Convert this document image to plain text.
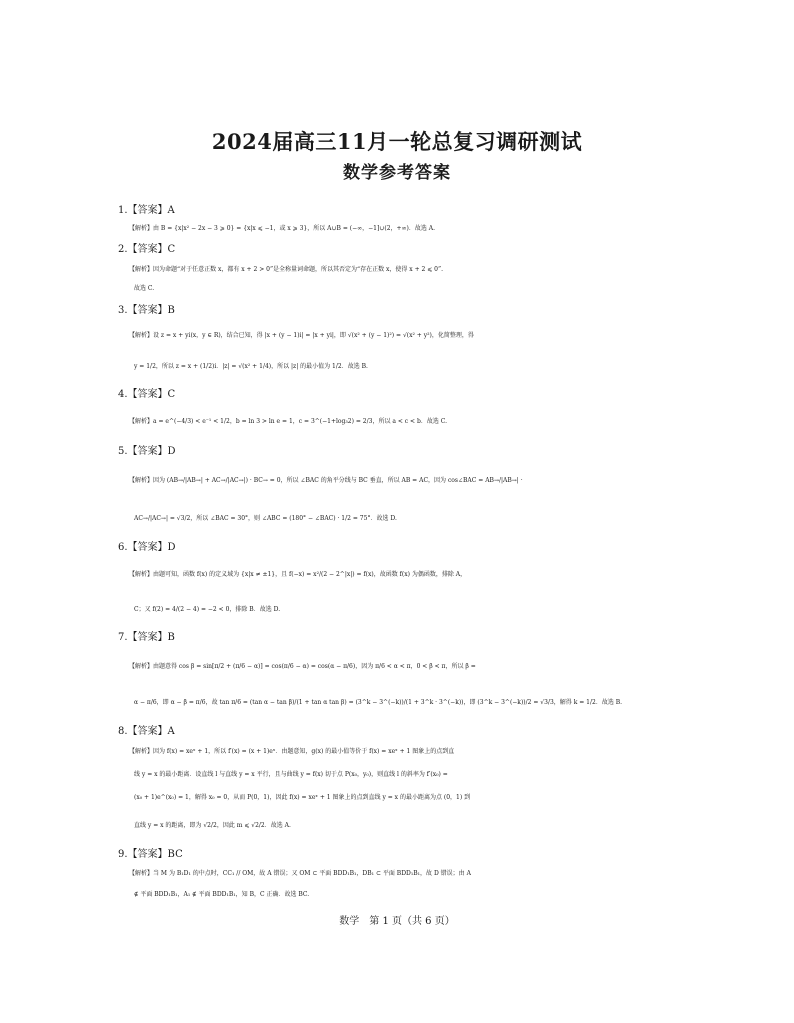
2024届高三11月一轮总复习调研测试
数学参考答案
1.【答案】A
【解析】由 B = {x|x² − 2x − 3 ⩾ 0} = {x|x ⩽ −1，或 x ⩾ 3}，所以 A∪B = (−∞，−1]∪(2，+∞)．故选 A.
2.【答案】C
【解析】因为命题“对于任意正数 x，都有 x + 2 > 0”是全称量词命题，所以其否定为“存在正数 x，使得 x + 2 ⩽ 0”.
故选 C.
3.【答案】B
【解析】设 z = x + yi(x，y ∈ R)，结合已知，得 |x + (y − 1)i| = |x + yi|，即 √(x² + (y − 1)²) = √(x² + y²)，化简整理，得
y = 1/2，所以 z = x + (1/2)i．|z| = √(x² + 1/4)，所以 |z| 的最小值为 1/2．故选 B.
4.【答案】C
【解析】a = e^(−4/3) < e⁻¹ < 1/2，b = ln 3 > ln e = 1，c = 3^(−1+log₃2) = 2/3，所以 a < c < b．故选 C.
5.【答案】D
【解析】因为 (AB→/|AB→| + AC→/|AC→|) · BC→ = 0，所以 ∠BAC 的角平分线与 BC 垂直，所以 AB = AC，因为 cos∠BAC = AB→/|AB→| ·
AC→/|AC→| = √3/2，所以 ∠BAC = 30°，则 ∠ABC = (180° − ∠BAC) · 1/2 = 75°．故选 D.
6.【答案】D
【解析】由题可知，函数 f(x) 的定义域为 {x|x ≠ ±1}，且 f(−x) = x²/(2 − 2^|x|) = f(x)，故函数 f(x) 为偶函数，排除 A，
C；又 f(2) = 4/(2 − 4) = −2 < 0，排除 B．故选 D.
7.【答案】B
【解析】由题意得 cos β = sin[π/2 + (π/6 − α)] = cos(π/6 − α) = cos(α − π/6)，因为 π/6 < α < π，0 < β < π，所以 β =
α − π/6，即 α − β = π/6，故 tan π/6 = (tan α − tan β)/(1 + tan α tan β) = (3^k − 3^(−k))/(1 + 3^k · 3^(−k))，即 (3^k − 3^(−k))/2 = √3/3，解得 k = 1/2．故选 B.
8.【答案】A
【解析】因为 f(x) = xeˣ + 1，所以 f′(x) = (x + 1)eˣ．由题意知，g(x) 的最小值等价于 f(x) = xeˣ + 1 图象上的点到直
线 y = x 的最小距离．设直线 l 与直线 y = x 平行，且与曲线 y = f(x) 切于点 P(x₀，y₀)，则直线 l 的斜率为 f′(x₀) =
(x₀ + 1)e^(x₀) = 1，解得 x₀ = 0，从而 P(0，1)，因此 f(x) = xeˣ + 1 图象上的点到直线 y = x 的最小距离为点 (0，1) 到
直线 y = x 的距离，即为 √2/2，因此 m ⩽ √2/2．故选 A.
9.【答案】BC
【解析】当 M 为 B₁D₁ 的中点时，CC₁ // OM，故 A 错误；又 OM ⊂ 平面 BDD₁B₁，DB₁ ⊂ 平面 BDD₁B₁，故 D 错误；由 A
∉ 平面 BDD₁B₁，A₁ ∉ 平面 BDD₁B₁，知 B，C 正确．故选 BC.
数学　第 1 页（共 6 页）
